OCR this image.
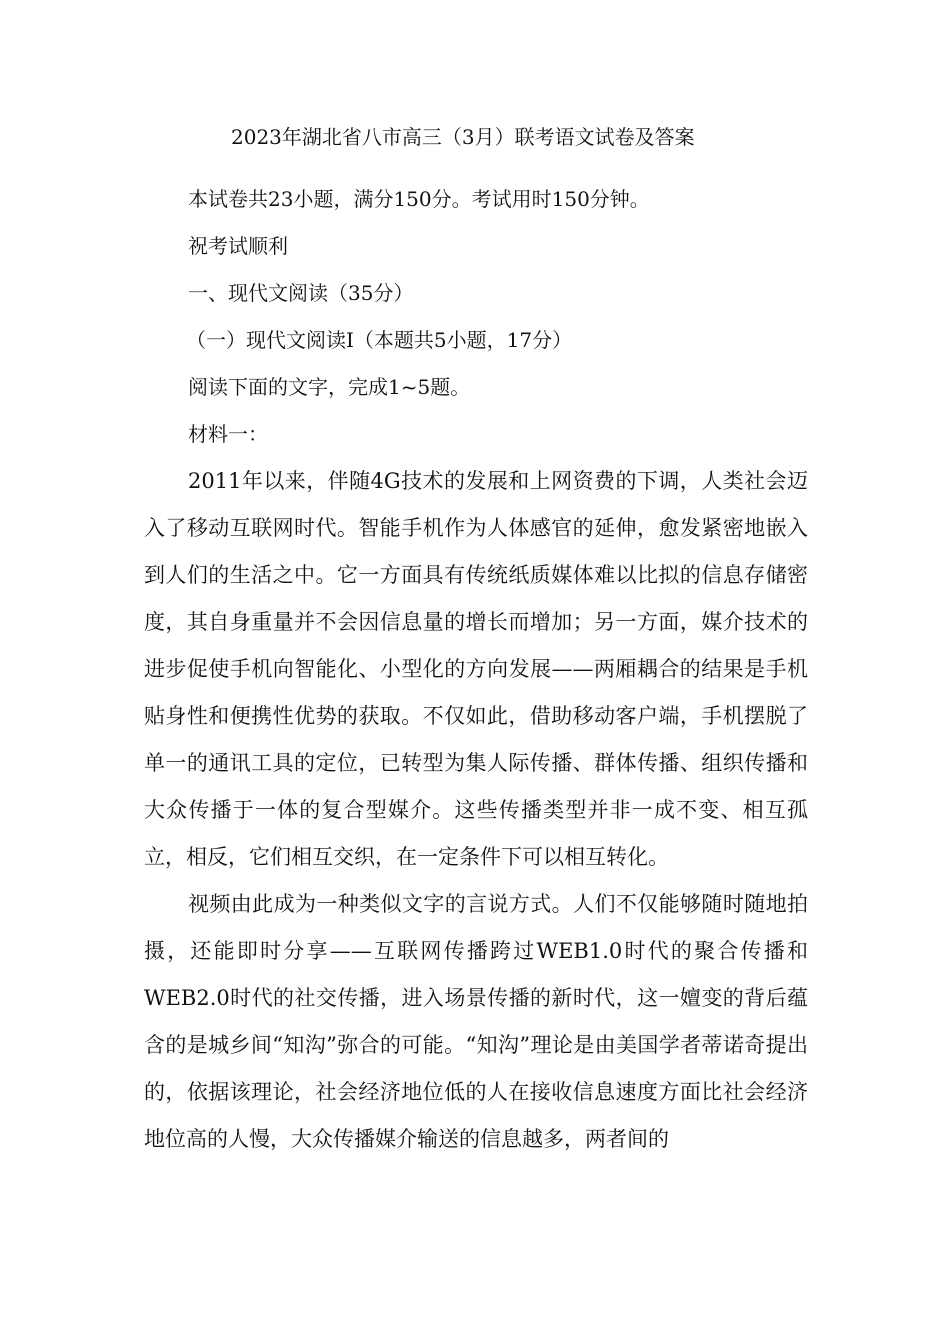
2023年湖北省八市高三（3月）联考语文试卷及答案

本试卷共23小题，满分150分。考试用时150分钟。

祝考试顺利

一、现代文阅读（35分）

（一）现代文阅读Ⅰ（本题共5小题，17分）

阅读下面的文字，完成1~5题。

材料一：

2011年以来，伴随4G技术的发展和上网资费的下调，人类社会迈入了移动互联网时代。智能手机作为人体感官的延伸，愈发紧密地嵌入到人们的生活之中。它一方面具有传统纸质媒体难以比拟的信息存储密度，其自身重量并不会因信息量的增长而增加；另一方面，媒介技术的进步促使手机向智能化、小型化的方向发展——两厢耦合的结果是手机贴身性和便携性优势的获取。不仅如此，借助移动客户端，手机摆脱了单一的通讯工具的定位，已转型为集人际传播、群体传播、组织传播和大众传播于一体的复合型媒介。这些传播类型并非一成不变、相互孤立，相反，它们相互交织，在一定条件下可以相互转化。

视频由此成为一种类似文字的言说方式。人们不仅能够随时随地拍摄，还能即时分享——互联网传播跨过WEB1.0时代的聚合传播和WEB2.0时代的社交传播，进入场景传播的新时代，这一嬗变的背后蕴含的是城乡间“知沟”弥合的可能。“知沟”理论是由美国学者蒂诺奇提出的，依据该理论，社会经济地位低的人在接收信息速度方面比社会经济地位高的人慢，大众传播媒介输送的信息越多，两者间的
